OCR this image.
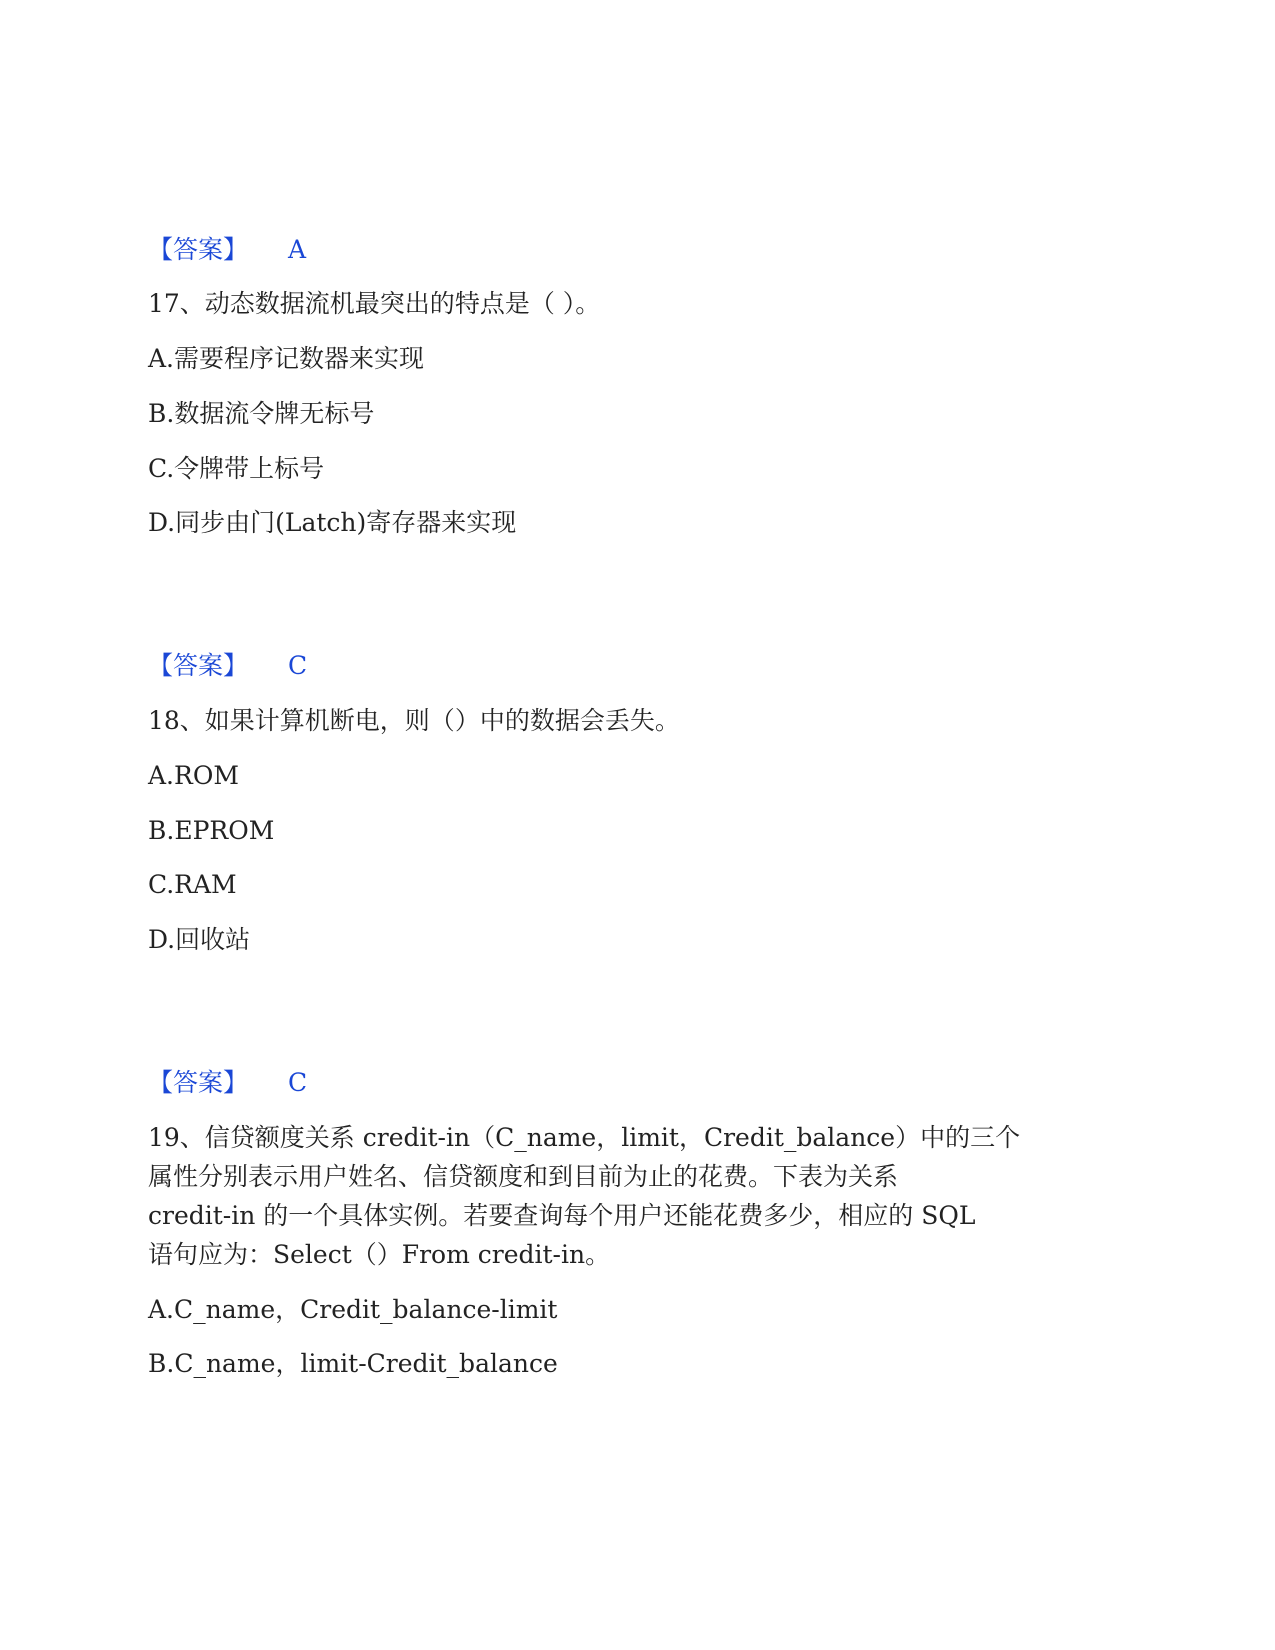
【答案】 A
17、动态数据流机最突出的特点是（ ）。
A.需要程序记数器来实现
B.数据流令牌无标号
C.令牌带上标号
D.同步由门(Latch)寄存器来实现
【答案】 C
18、如果计算机断电，则（）中的数据会丢失。
A.ROM
B.EPROM
C.RAM
D.回收站
【答案】 C
19、信贷额度关系 credit-in（C_name，limit，Credit_balance）中的三个
属性分别表示用户姓名、信贷额度和到目前为止的花费。下表为关系
credit-in 的一个具体实例。若要查询每个用户还能花费多少，相应的 SQL
语句应为：Select（）From credit-in。
A.C_name，Credit_balance-limit
B.C_name，limit-Credit_balance
